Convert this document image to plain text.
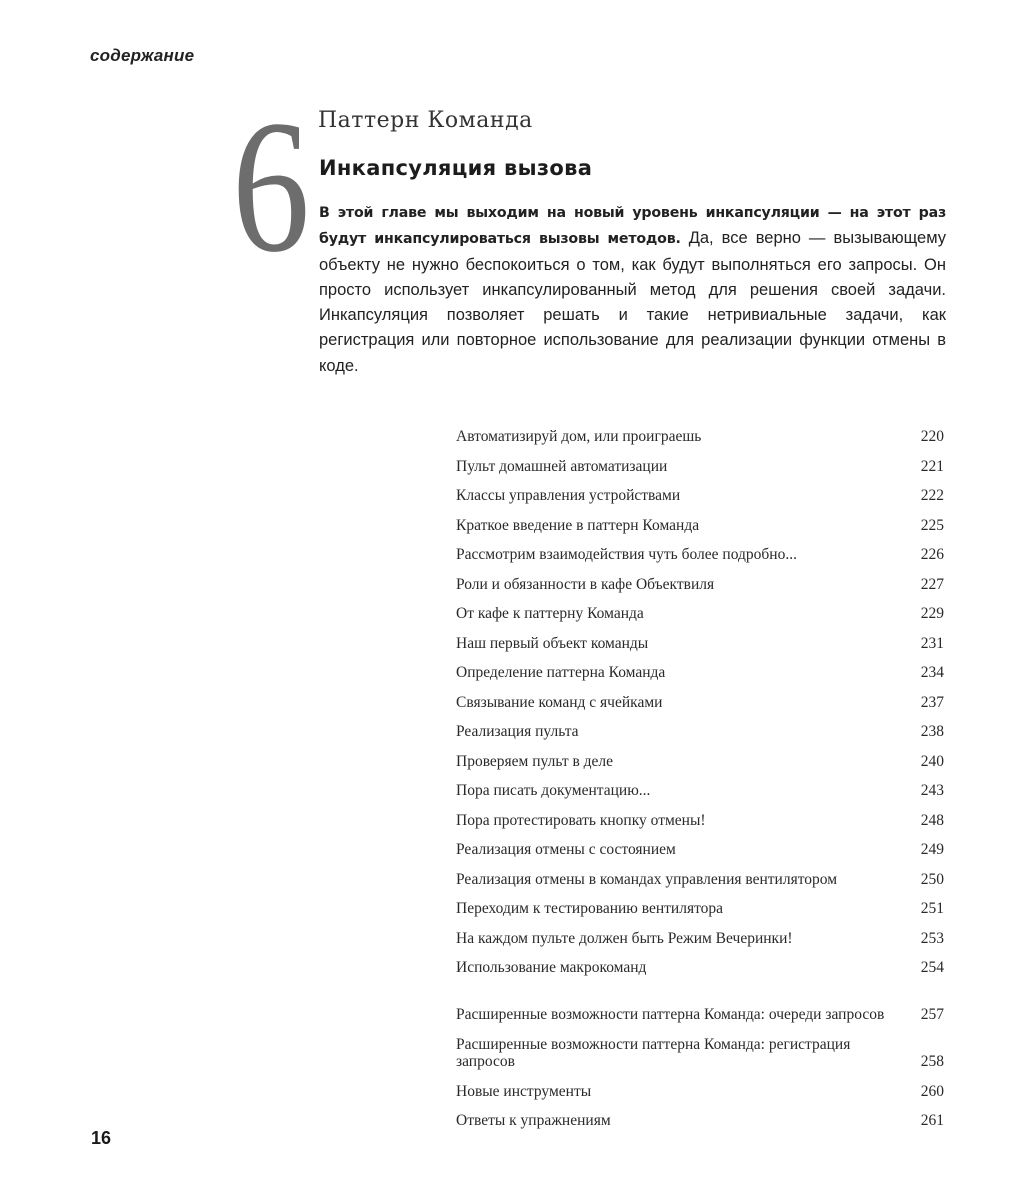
содержание
6 Паттерн Команда
Инкапсуляция вызова
В этой главе мы выходим на новый уровень инкапсуляции — на этот раз будут инкапсулироваться вызовы методов. Да, все верно — вызывающему объекту не нужно беспокоиться о том, как будут выполняться его запросы. Он просто использует инкапсулированный метод для решения своей задачи. Инкапсуляция позволяет решать и такие нетривиальные задачи, как регистрация или повторное использование для реализации функции отмены в коде.
Автоматизируй дом, или проиграешь	220
Пульт домашней автоматизации	221
Классы управления устройствами	222
Краткое введение в паттерн Команда	225
Рассмотрим взаимодействия чуть более подробно...	226
Роли и обязанности в кафе Объектвиля	227
От кафе к паттерну Команда	229
Наш первый объект команды	231
Определение паттерна Команда	234
Связывание команд с ячейками	237
Реализация пульта	238
Проверяем пульт в деле	240
Пора писать документацию...	243
Пора протестировать кнопку отмены!	248
Реализация отмены с состоянием	249
Реализация отмены в командах управления вентилятором	250
Переходим к тестированию вентилятора	251
На каждом пульте должен быть Режим Вечеринки!	253
Использование макрокоманд	254
Расширенные возможности паттерна Команда: очереди запросов	257
Расширенные возможности паттерна Команда: регистрация запросов	258
Новые инструменты	260
Ответы к упражнениям	261
16
